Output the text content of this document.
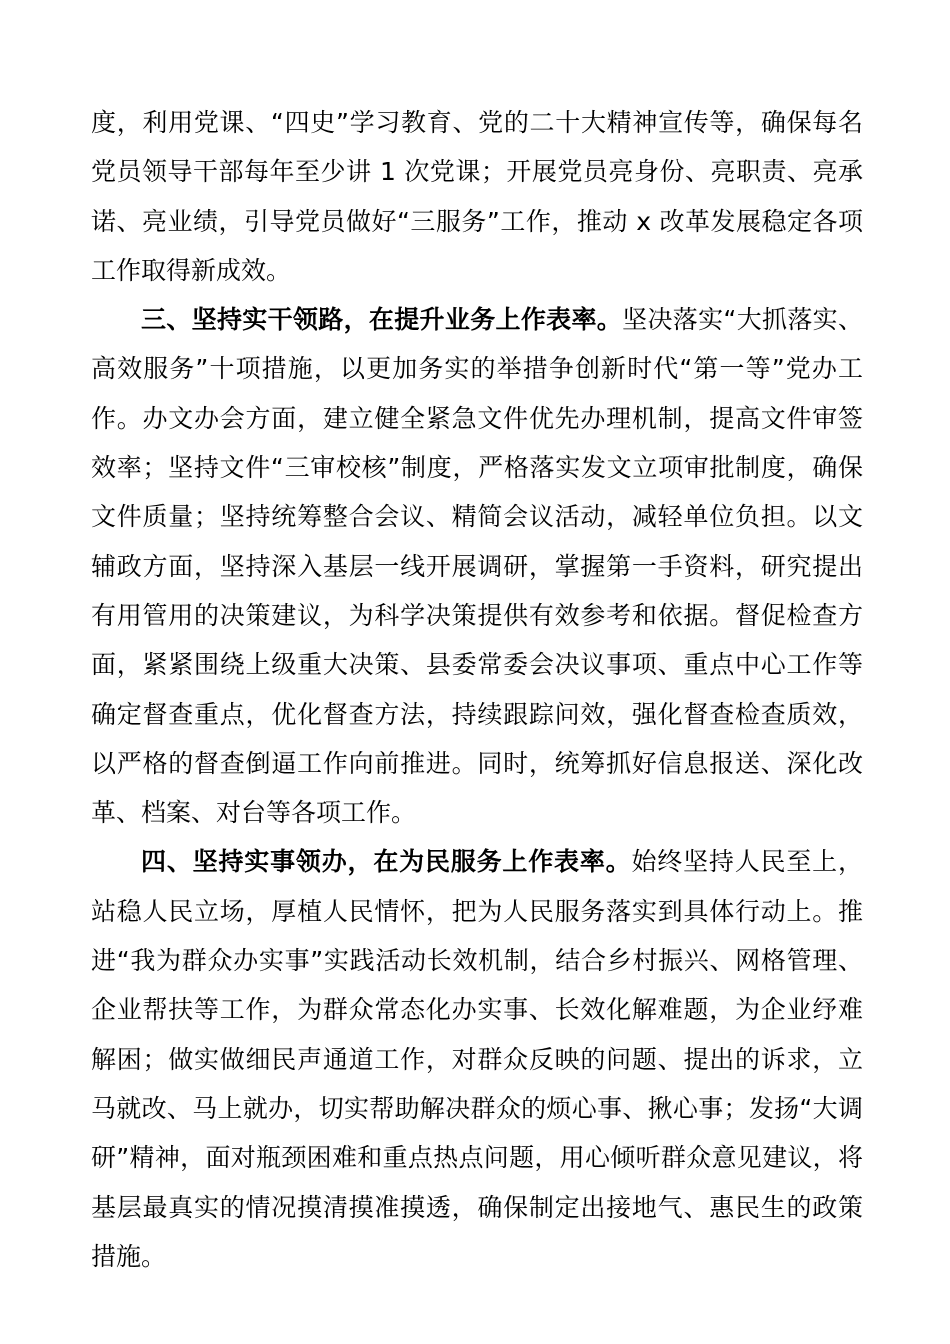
度，利用党课、“四史”学习教育、党的二十大精神宣传等，确保每名党员领导干部每年至少讲 1 次党课；开展党员亮身份、亮职责、亮承诺、亮业绩，引导党员做好“三服务”工作，推动 x 改革发展稳定各项工作取得新成效。

三、坚持实干领路，在提升业务上作表率。坚决落实“大抓落实、高效服务”十项措施，以更加务实的举措争创新时代“第一等”党办工作。办文办会方面，建立健全紧急文件优先办理机制，提高文件审签效率；坚持文件“三审校核”制度，严格落实发文立项审批制度，确保文件质量；坚持统筹整合会议、精简会议活动，减轻单位负担。以文辅政方面，坚持深入基层一线开展调研，掌握第一手资料，研究提出有用管用的决策建议，为科学决策提供有效参考和依据。督促检查方面，紧紧围绕上级重大决策、县委常委会决议事项、重点中心工作等确定督查重点，优化督查方法，持续跟踪问效，强化督查检查质效，以严格的督查倒逼工作向前推进。同时，统筹抓好信息报送、深化改革、档案、对台等各项工作。

四、坚持实事领办，在为民服务上作表率。始终坚持人民至上，站稳人民立场，厚植人民情怀，把为人民服务落实到具体行动上。推进“我为群众办实事”实践活动长效机制，结合乡村振兴、网格管理、企业帮扶等工作，为群众常态化办实事、长效化解难题，为企业纾难解困；做实做细民声通道工作，对群众反映的问题、提出的诉求，立马就改、马上就办，切实帮助解决群众的烦心事、揪心事；发扬“大调研”精神，面对瓶颈困难和重点热点问题，用心倾听群众意见建议，将基层最真实的情况摸清摸准摸透，确保制定出接地气、惠民生的政策措施。
